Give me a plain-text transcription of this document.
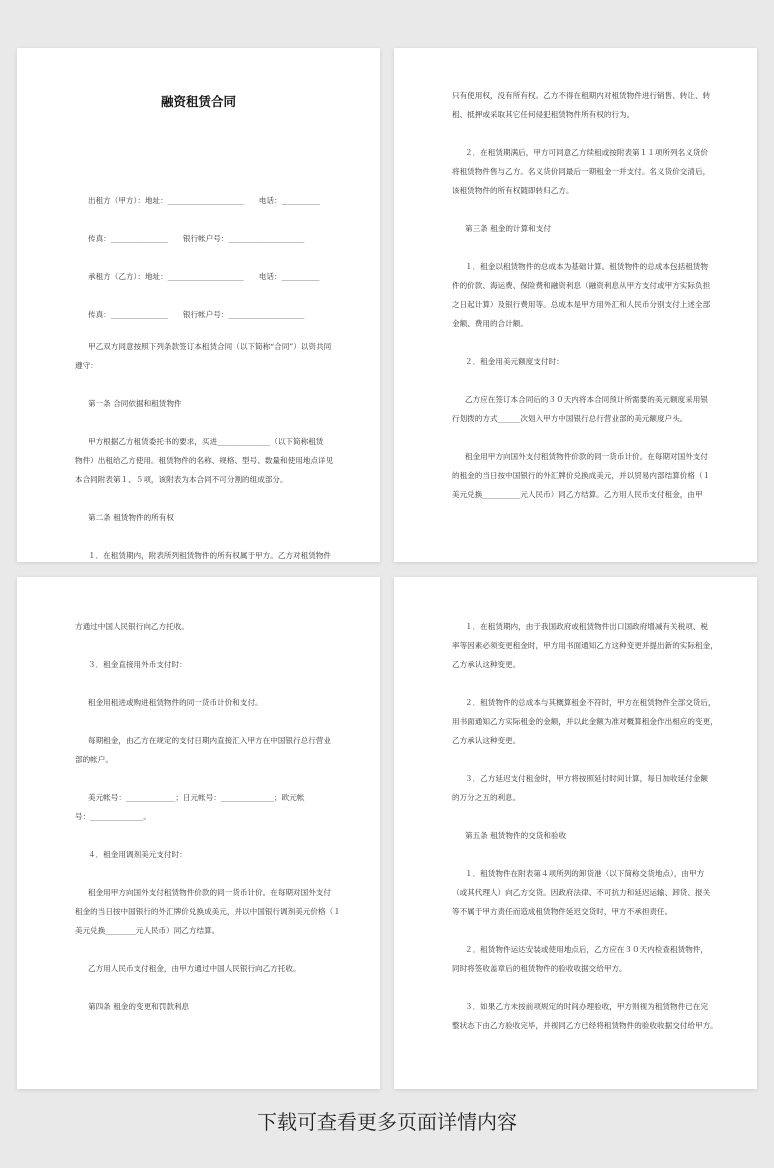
融资租赁合同
出租方（甲方）：地址：____________________　　电话：__________
传真：_______________　　银行帐户号：____________________
承租方（乙方）：地址：____________________　　电话：__________
传真：_______________　　银行帐户号：____________________
甲乙双方同意按照下列条款签订本租赁合同（以下简称“合同”）以资共同
遵守：
第一条 合同依据和租赁物件
甲方根据乙方租赁委托书的要求，买进______________（以下简称租赁
物件）出租给乙方使用。租赁物件的名称、规格、型号、数量和使用地点详见
本合同附表第１、５项，该附表为本合同不可分割的组成部分。
第二条 租赁物件的所有权
１．在租赁期内，附表所列租赁物件的所有权属于甲方。乙方对租赁物件
只有使用权，没有所有权。乙方不得在租期内对租赁物件进行销售、转让、转
租、抵押或采取其它任何侵犯租赁物件所有权的行为。
２．在租赁期满后，甲方可同意乙方续租或按附表第１１项所列名义货价
将租赁物件售与乙方。名义货价同最后一期租金一并支付。名义货价交清后，
该租赁物件的所有权随即转归乙方。
第三条 租金的计算和支付
１．租金以租赁物件的总成本为基础计算。租赁物件的总成本包括租赁物
件的价款、海运费、保险费和融资利息（融资利息从甲方支付或甲方实际负担
之日起计算）及银行费用等。总成本是甲方用外汇和人民币分别支付上述全部
金额、费用的合计额。
２．租金用美元额度支付时：
乙方应在签订本合同后的３０天内将本合同预计所需要的美元额度采用银
行划拨的方式______次划入甲方中国银行总行营业部的美元额度户头。
租金用甲方向国外支付租赁物件价款的同一货币计价。在每期对国外支付
的租金的当日按中国银行的外汇牌价兑换成美元，并以贸易内部结算价格（１
美元兑换__________元人民币）同乙方结算。乙方用人民币支付租金，由甲
方通过中国人民银行向乙方托收。
３．租金直接用外币支付时：
租金用租进或购进租赁物件的同一货币计价和支付。
每期租金，由乙方在规定的支付日期内直接汇入甲方在中国银行总行营业
部的帐户。
美元帐号：_____________；日元帐号：______________；欧元帐
号：______________。
４．租金用调剂美元支付时：
租金用甲方向国外支付租赁物件价款的同一货币计价。在每期对国外支付
租金的当日按中国银行的外汇牌价兑换成美元，并以中国银行调剂美元价格（１
美元兑换________元人民币）同乙方结算。
乙方用人民币支付租金，由甲方通过中国人民银行向乙方托收。
第四条 租金的变更和罚款利息
１．在租赁期内，由于我国政府或租赁物件出口国政府增减有关税项、税
率等因素必须变更租金时，甲方用书面通知乙方这种变更并提出新的实际租金，
乙方承认这种变更。
２．租赁物件的总成本与其概算租金不符时，甲方在租赁物件全部交货后，
用书面通知乙方实际租金的金额，并以此金额为准对概算租金作出相应的变更，
乙方承认这种变更。
３．乙方延迟支付租金时，甲方将按照延付时间计算，每日加收延付金额
的万分之五的利息。
第五条 租赁物件的交货和验收
１．租赁物件在附表第４项所列的卸货港（以下简称交货地点），由甲方
（或其代理人）向乙方交货。因政府法律、不可抗力和延迟运输、卸货、报关
等不属于甲方责任而造成租赁物件延迟交货时，甲方不承担责任。
２．租赁物件运达安装或使用地点后，乙方应在３０天内检查租赁物件，
同时将签收盖章后的租赁物件的验收收据交给甲方。
３．如果乙方未按前项规定的时间办理验收，甲方则视为租赁物件已在完
整状态下由乙方验收完毕，并视同乙方已经将租赁物件的验收收据交付给甲方。
下载可查看更多页面详情内容
